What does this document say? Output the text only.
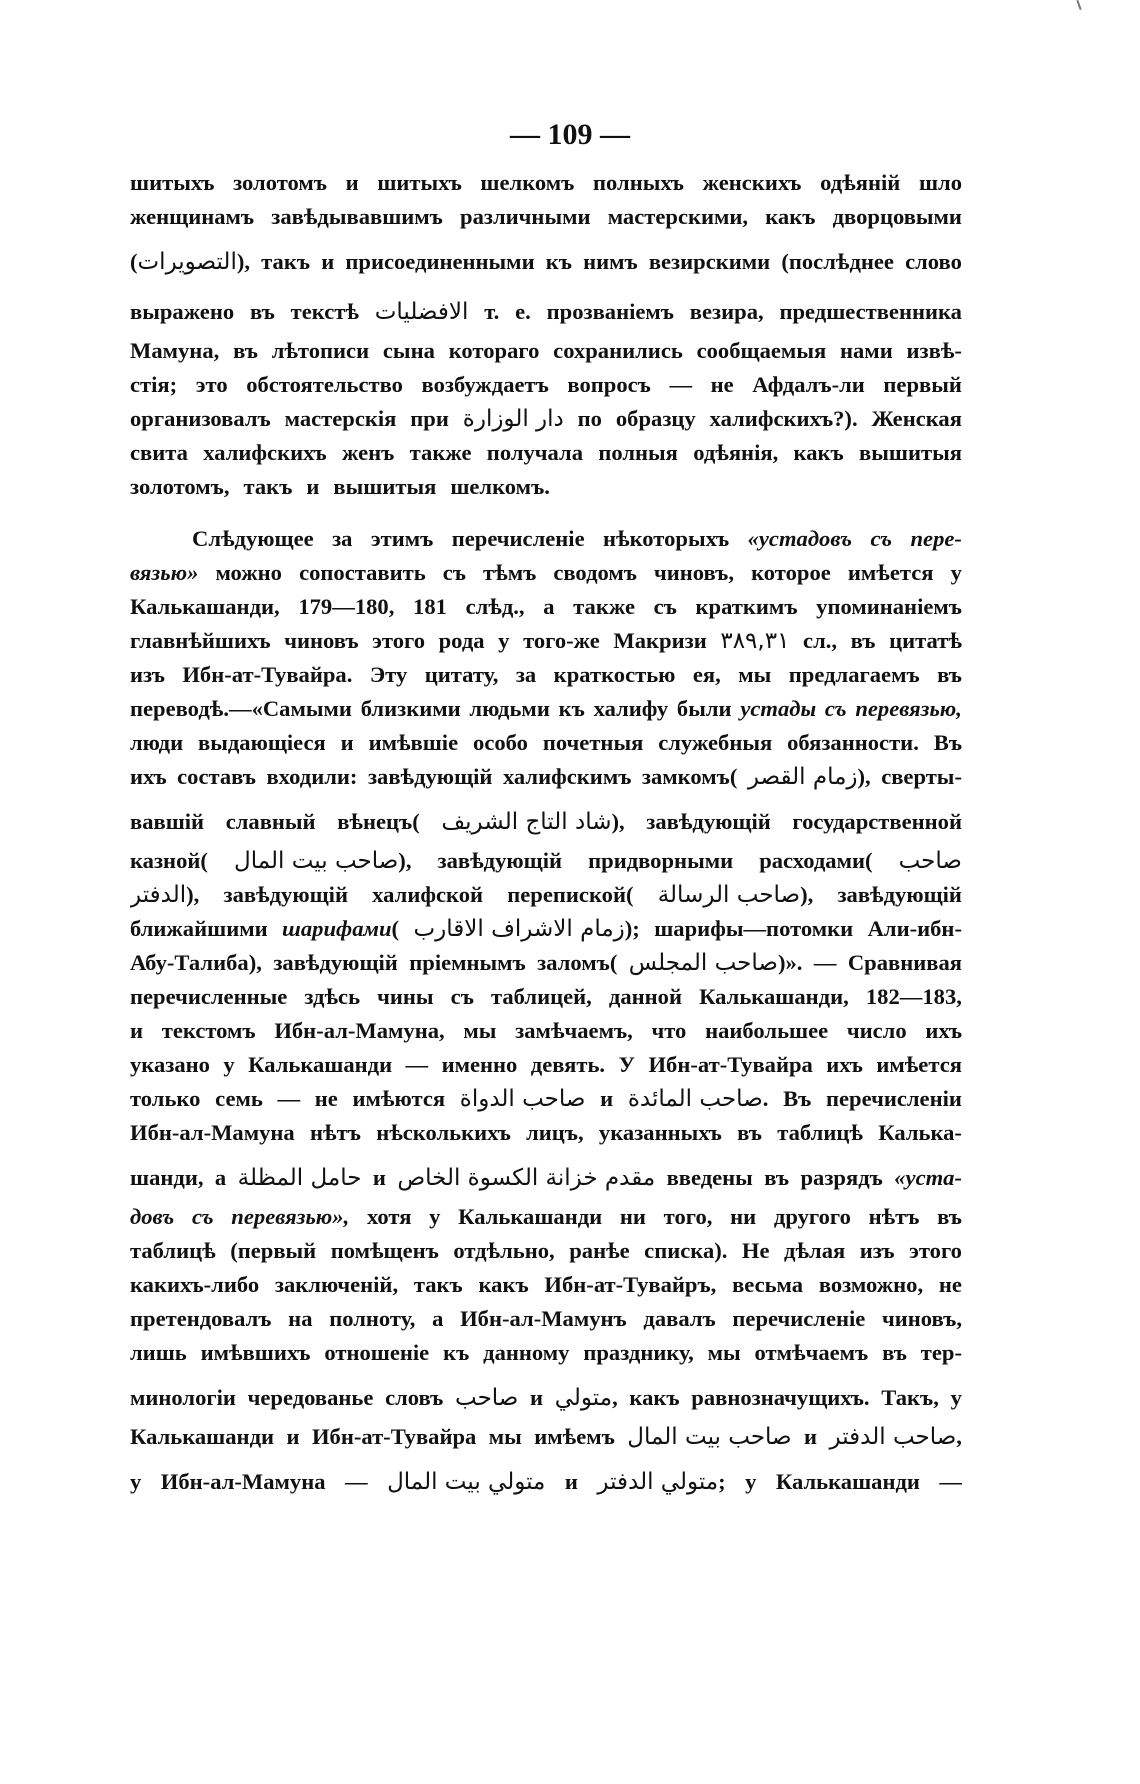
— 109 —
шитыхъ золотомъ и шитыхъ шелкомъ полныхъ женскихъ одѣяній шло
женщинамъ завѣдывавшимъ различными мастерскими, какъ дворцовыми
(التصويرات), такъ и присоединенными къ нимъ везирскими (послѣднее слово
выражено въ текстѣ الافضليات т. е. прозваніемъ везира, предшественника
Мамуна, въ лѣтописи сына котораго сохранились сообщаемыя нами извѣ-
стія; это обстоятельство возбуждаетъ вопросъ — не Афдалъ-ли первый
организовалъ мастерскія при دار الوزارة по образцу халифскихъ?). Женская
свита халифскихъ женъ также получала полныя одѣянія, какъ вышитыя
золотомъ, такъ и вышитыя шелкомъ.
Слѣдующее за этимъ перечисленіе нѣкоторыхъ «устадовъ съ пере-
вязью» можно сопоставить съ тѣмъ сводомъ чиновъ, которое имѣется у
Калькашанди, 179—180, 181 слѣд., а также съ краткимъ упоминаніемъ
главнѣйшихъ чиновъ этого рода у того-же Макризи ٣٨٩,٣١ сл., въ цитатѣ
изъ Ибн-ат-Тувайра. Эту цитату, за краткостью ея, мы предлагаемъ въ
переводѣ.—«Самыми близкими людьми къ халифу были устады съ перевязью,
люди выдающіеся и имѣвшіе особо почетныя служебныя обязанности. Въ
ихъ составъ входили: завѣдующій халифскимъ замкомъ( زمام القصر), сверты-
вавшій славный вѣнецъ( شاد التاج الشريف), завѣдующій государственной
казной( صاحب بيت المال), завѣдующій придворными расходами( صاحب
الدفتر), завѣдующій халифской перепиской( صاحب الرسالة), завѣдующій
ближайшими шарифами( زمام الاشراف الاقارب); шарифы—потомки Али-ибн-
Абу-Талиба), завѣдующій пріемнымъ заломъ( صاحب المجلس)». — Сравнивая
перечисленные здѣсь чины съ таблицей, данной Калькашанди, 182—183,
и текстомъ Ибн-ал-Мамуна, мы замѣчаемъ, что наибольшее число ихъ
указано у Калькашанди — именно девять. У Ибн-ат-Тувайра ихъ имѣется
только семь — не имѣются صاحب الدواة и صاحب المائدة. Въ перечисленіи
Ибн-ал-Мамуна нѣтъ нѣсколькихъ лицъ, указанныхъ въ таблицѣ Калька-
шанди, а حامل المظلة и مقدم خزانة الكسوة الخاص введены въ разрядъ «уста-
довъ съ перевязью», хотя у Калькашанди ни того, ни другого нѣтъ въ
таблицѣ (первый помѣщенъ отдѣльно, ранѣе списка). Не дѣлая изъ этого
какихъ-либо заключеній, такъ какъ Ибн-ат-Тувайръ, весьма возможно, не
претендовалъ на полноту, а Ибн-ал-Мамунъ давалъ перечисленіе чиновъ,
лишь имѣвшихъ отношеніе къ данному празднику, мы отмѣчаемъ въ тер-
минологіи чередованье словъ صاحب и متولي, какъ равнозначущихъ. Такъ, у
Калькашанди и Ибн-ат-Тувайра мы имѣемъ صاحب بيت المال и صاحب الدفتر,
у Ибн-ал-Мамуна — متولي بيت المال и متولي الدفتر; у Калькашанди —
